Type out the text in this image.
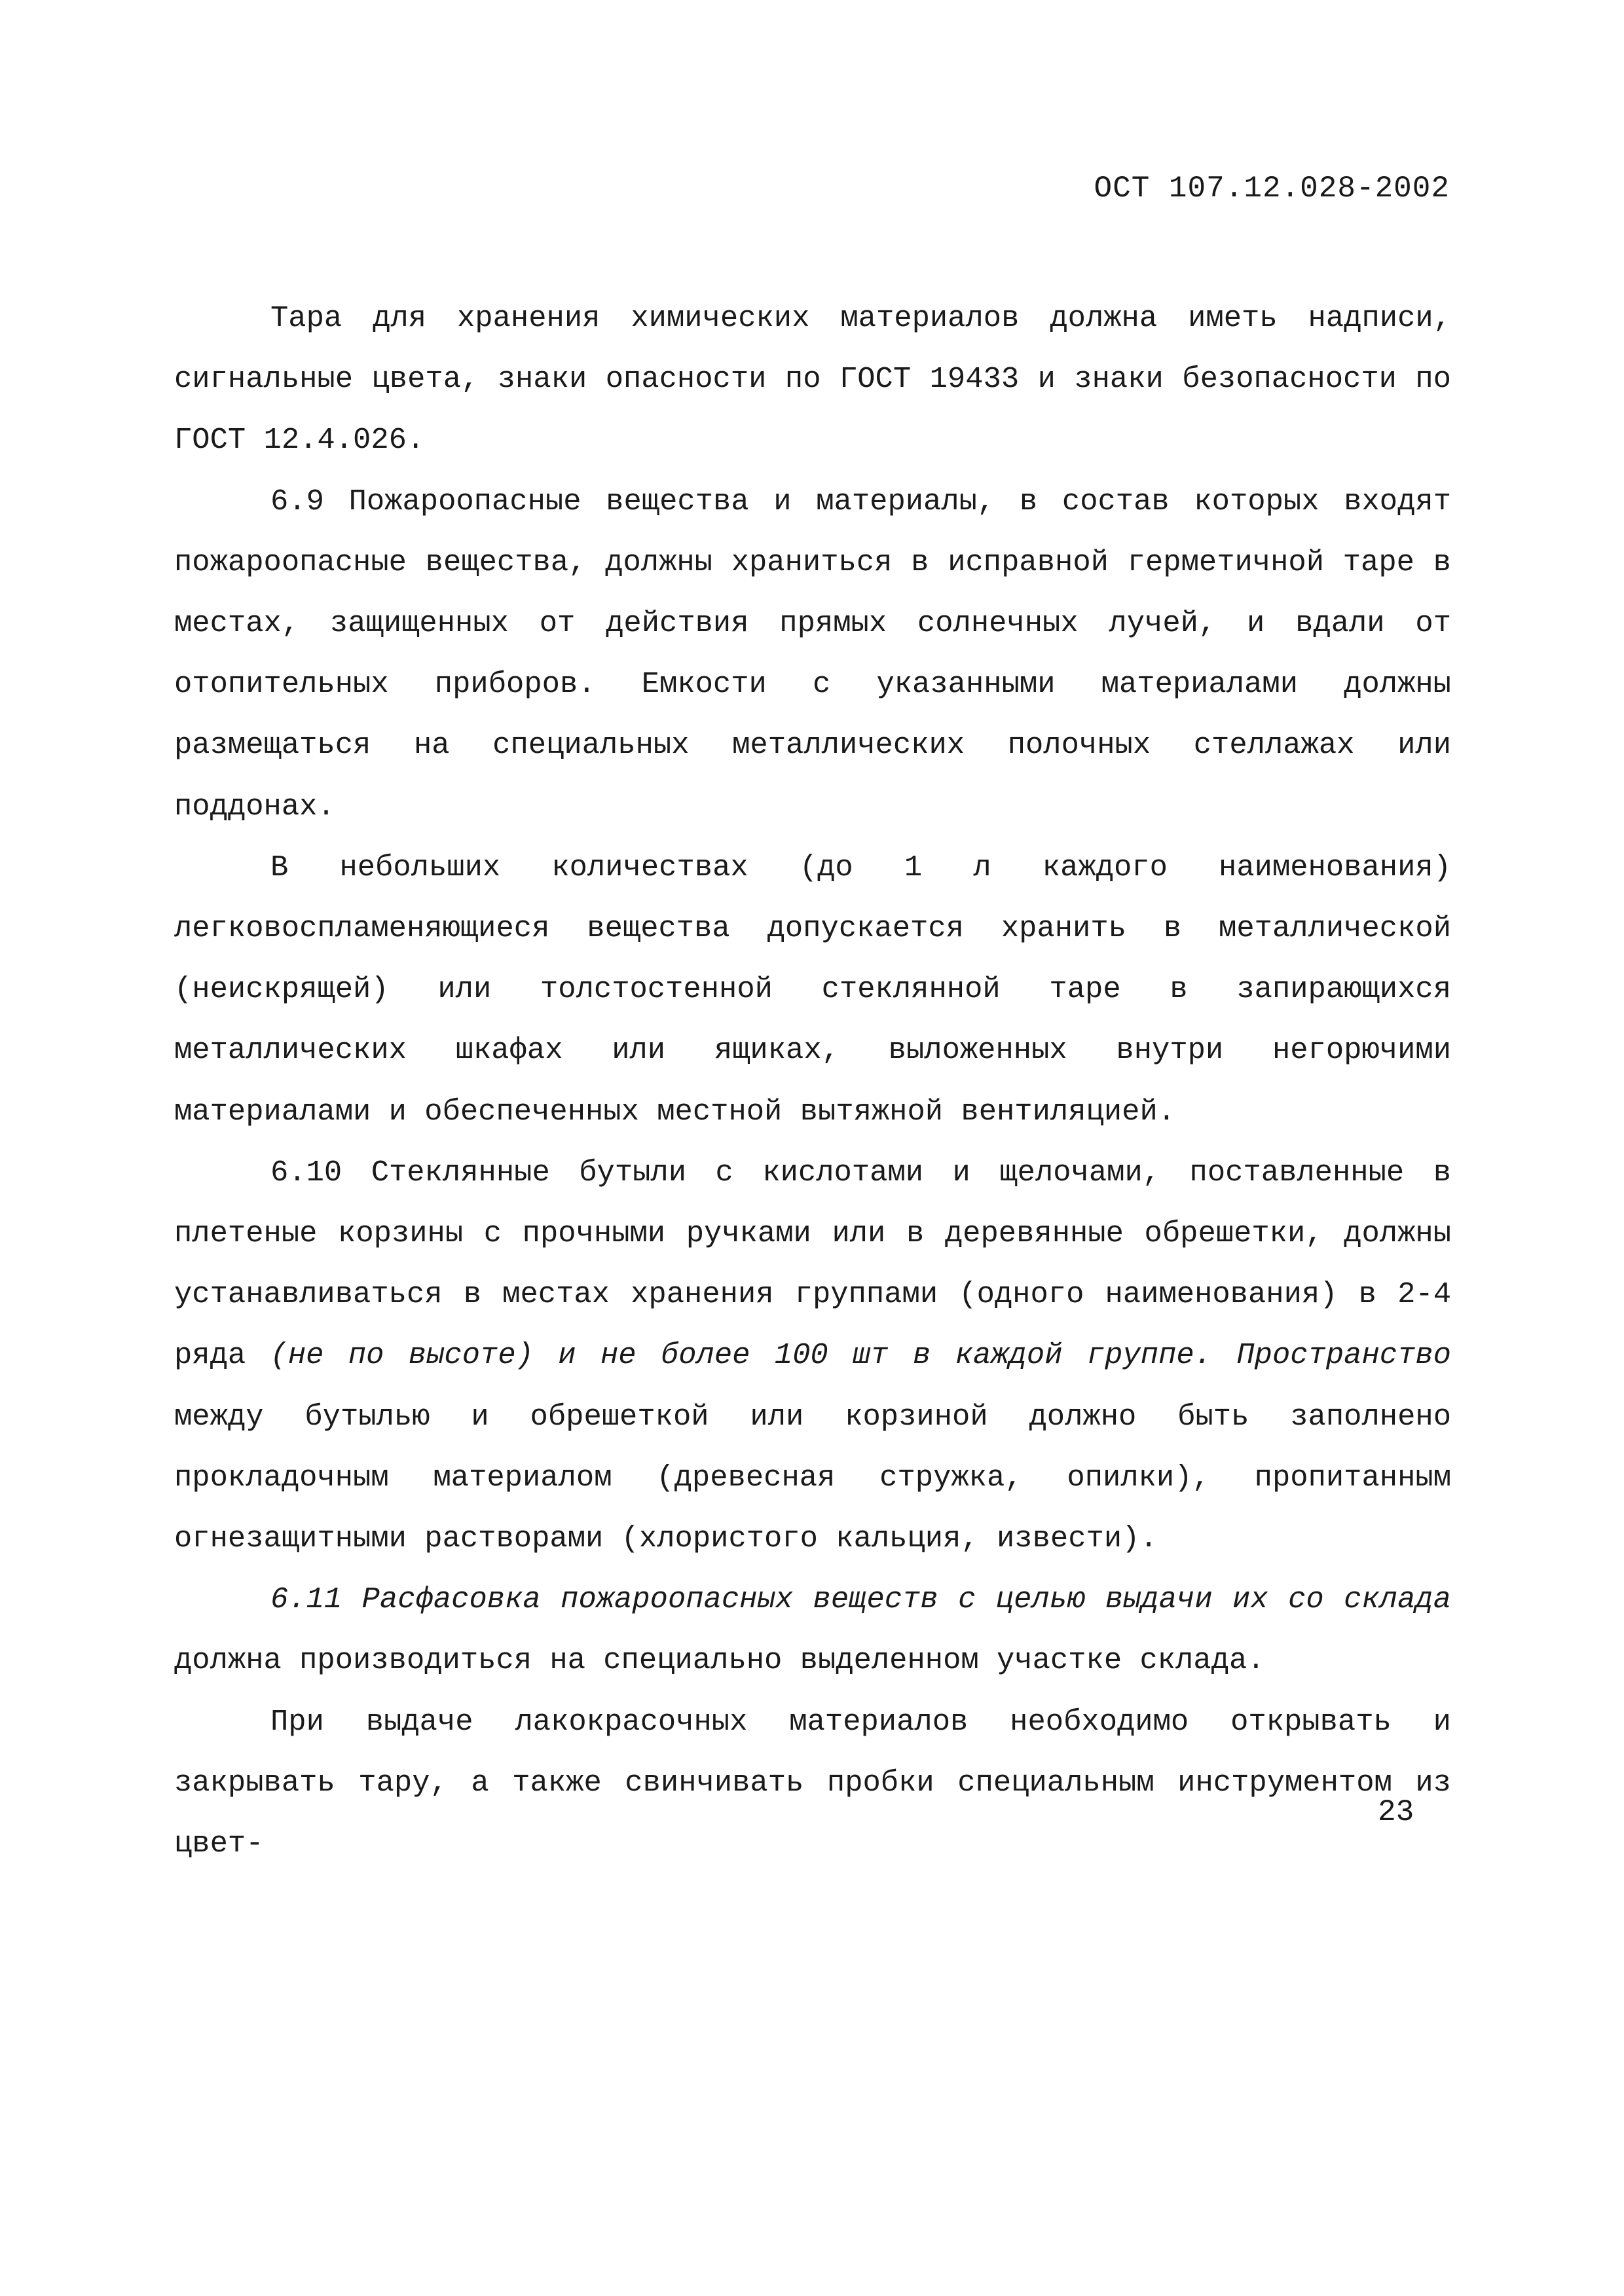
ОСТ 107.12.028-2002

Тара для хранения химических материалов должна иметь надписи, сигнальные цвета, знаки опасности по ГОСТ 19433 и знаки безопасности по ГОСТ 12.4.026.

6.9 Пожароопасные вещества и материалы, в состав которых входят пожароопасные вещества, должны храниться в исправной герметичной таре в местах, защищенных от действия прямых солнечных лучей, и вдали от отопительных приборов. Емкости с указанными материалами должны размещаться на специальных металлических полочных стеллажах или поддонах.

В небольших количествах (до 1 л каждого наименования) легковоспламеняющиеся вещества допускается хранить в металлической (неискрящей) или толстостенной стеклянной таре в запирающихся металлических шкафах или ящиках, выложенных внутри негорючими материалами и обеспеченных местной вытяжной вентиляцией.

6.10 Стеклянные бутыли с кислотами и щелочами, поставленные в плетеные корзины с прочными ручками или в деревянные обрешетки, должны устанавливаться в местах хранения группами (одного наименования) в 2-4 ряда (не по высоте) и не более 100 шт в каждой группе. Пространство между бутылью и обрешеткой или корзиной должно быть заполнено прокладочным материалом (древесная стружка, опилки), пропитанным огнезащитными растворами (хлористого кальция, извести).

6.11 Расфасовка пожароопасных веществ с целью выдачи их со склада должна производиться на специально выделенном участке склада.

При выдаче лакокрасочных материалов необходимо открывать и закрывать тару, а также свинчивать пробки специальным инструментом из цвет-

23
